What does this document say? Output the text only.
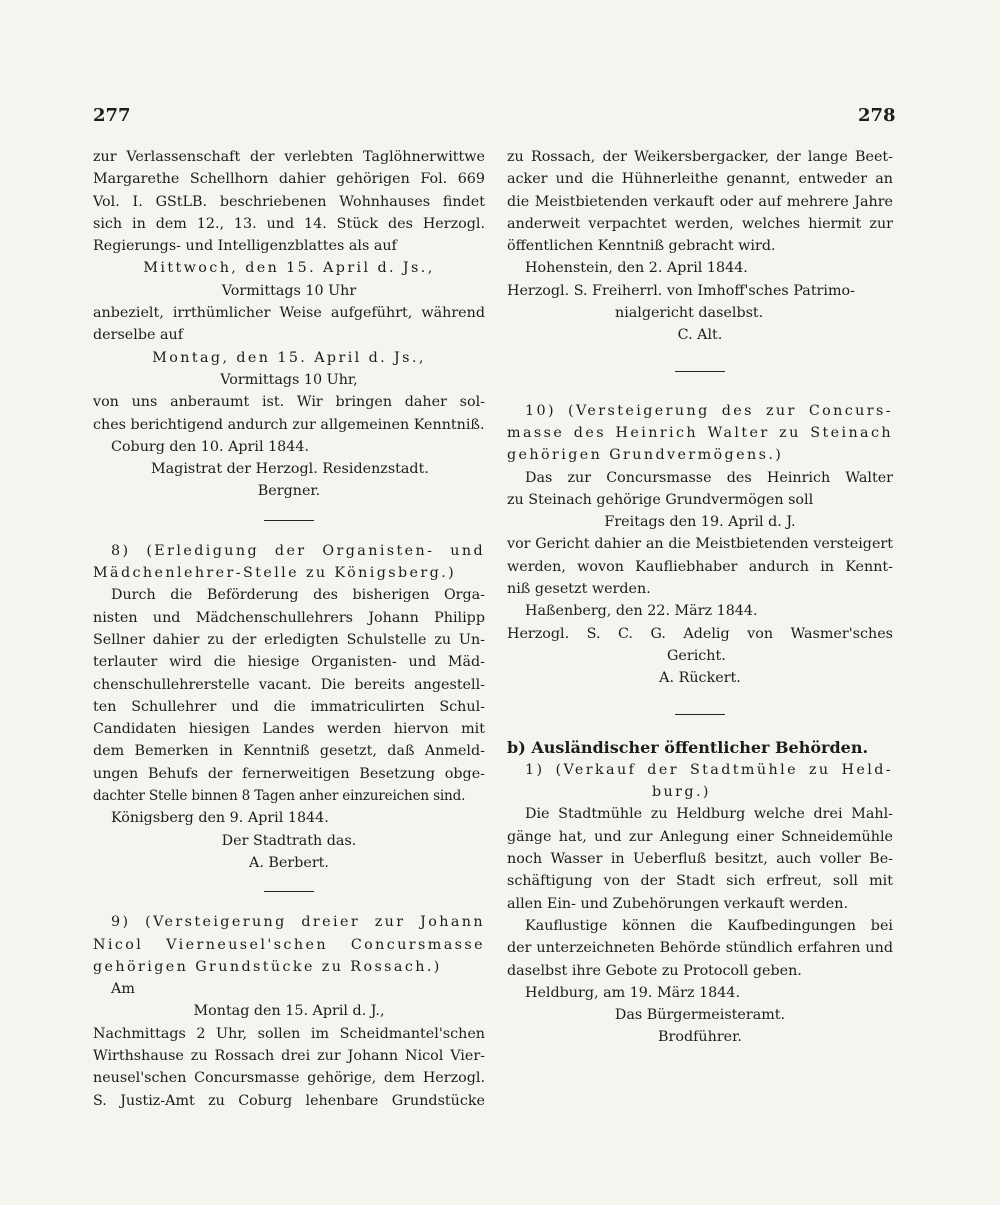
277	278

zur Verlassenschaft der verlebten Taglöhnerwittwe

Margarethe Schellhorn dahier gehörigen Fol. 669

Vol. I. GStLB. beschriebenen Wohnhauses findet

sich in dem 12., 13. und 14. Stück des Herzogl.

Regierungs- und Intelligenzblattes als auf

Mittwoch, den 15. April d. Js.,

Vormittags 10 Uhr

anbezielt, irrthümlicher Weise aufgeführt, während

derselbe auf

Montag, den 15. April d. Js.,

Vormittags 10 Uhr,

von uns anberaumt ist. Wir bringen daher sol-

ches berichtigend andurch zur allgemeinen Kenntniß.

Coburg den 10. April 1844.

Magistrat der Herzogl. Residenzstadt.

Bergner.

8) (Erledigung der Organisten- und

Mädchenlehrer-Stelle zu Königsberg.)

Durch die Beförderung des bisherigen Orga-

nisten und Mädchenschullehrers Johann Philipp

Sellner dahier zu der erledigten Schulstelle zu Un-

terlauter wird die hiesige Organisten- und Mäd-

chenschullehrerstelle vacant. Die bereits angestell-

ten Schullehrer und die immatriculirten Schul-

Candidaten hiesigen Landes werden hiervon mit

dem Bemerken in Kenntniß gesetzt, daß Anmeld-

ungen Behufs der fernerweitigen Besetzung obge-

dachter Stelle binnen 8 Tagen anher einzureichen sind.

Königsberg den 9. April 1844.

Der Stadtrath das.

A. Berbert.

9) (Versteigerung dreier zur Johann

Nicol Vierneusel'schen Concursmasse

gehörigen Grundstücke zu Rossach.)

Am

Montag den 15. April d. J.,

Nachmittags 2 Uhr, sollen im Scheidmantel'schen

Wirthshause zu Rossach drei zur Johann Nicol Vier-

neusel'schen Concursmasse gehörige, dem Herzogl.

S. Justiz-Amt zu Coburg lehenbare Grundstücke

zu Rossach, der Weikersbergacker, der lange Beet-

acker und die Hühnerleithe genannt, entweder an

die Meistbietenden verkauft oder auf mehrere Jahre

anderweit verpachtet werden, welches hiermit zur

öffentlichen Kenntniß gebracht wird.

Hohenstein, den 2. April 1844.

Herzogl. S. Freiherrl. von Imhoff'sches Patrimo-

nialgericht daselbst.

C. Alt.

10) (Versteigerung des zur Concurs-

masse des Heinrich Walter zu Steinach

gehörigen Grundvermögens.)

Das zur Concursmasse des Heinrich Walter

zu Steinach gehörige Grundvermögen soll

Freitags den 19. April d. J.

vor Gericht dahier an die Meistbietenden versteigert

werden, wovon Kaufliebhaber andurch in Kennt-

niß gesetzt werden.

Haßenberg, den 22. März 1844.

Herzogl. S. C. G. Adelig von Wasmer'sches

Gericht.

A. Rückert.

b) Ausländischer öffentlicher Behörden.

1) (Verkauf der Stadtmühle zu Held-

burg.)

Die Stadtmühle zu Heldburg welche drei Mahl-

gänge hat, und zur Anlegung einer Schneidemühle

noch Wasser in Ueberfluß besitzt, auch voller Be-

schäftigung von der Stadt sich erfreut, soll mit

allen Ein- und Zubehörungen verkauft werden.

Kauflustige können die Kaufbedingungen bei

der unterzeichneten Behörde stündlich erfahren und

daselbst ihre Gebote zu Protocoll geben.

Heldburg, am 19. März 1844.

Das Bürgermeisteramt.

Brodführer.
